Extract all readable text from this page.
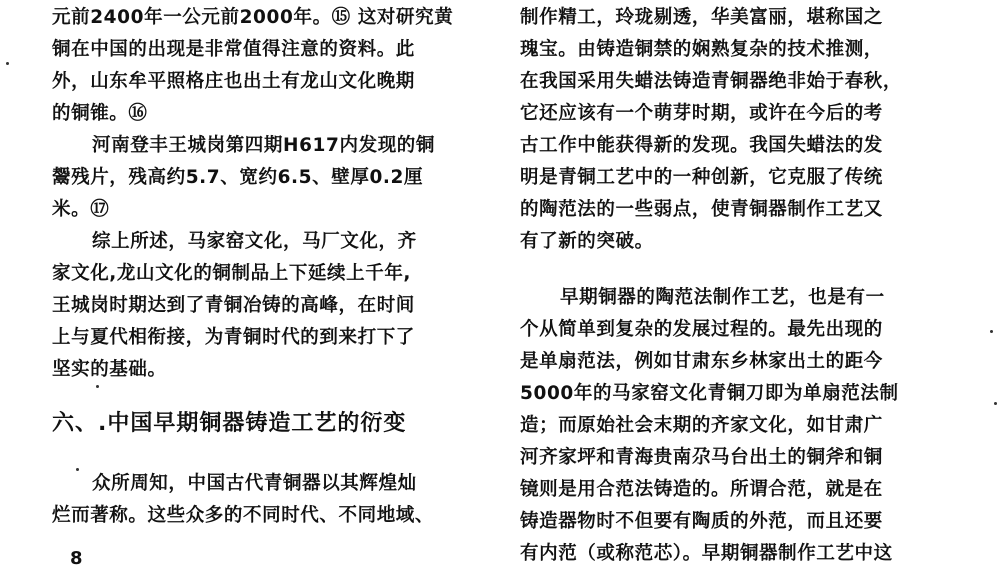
元前2400年一公元前2000年。⑮ 这对研究黄
铜在中国的出现是非常值得注意的资料。此
外，山东牟平照格庄也出土有龙山文化晚期
的铜锥。⑯
河南登丰王城岗第四期H617内发现的铜
鬶残片，残高约5.7、宽约6.5、壁厚0.2厘
米。⑰
综上所述，马家窑文化，马厂文化，齐
家文化,龙山文化的铜制品上下延续上千年,
王城岗时期达到了青铜冶铸的高峰，在时间
上与夏代相衔接，为青铜时代的到来打下了
坚实的基础。
六、.中国早期铜器铸造工艺的衍变
众所周知，中国古代青铜器以其辉煌灿
烂而著称。这些众多的不同时代、不同地域、
制作精工，玲珑剔透，华美富丽，堪称国之
瑰宝。由铸造铜禁的娴熟复杂的技术推测，
在我国采用失蜡法铸造青铜器绝非始于春秋，
它还应该有一个萌芽时期，或许在今后的考
古工作中能获得新的发现。我国失蜡法的发
明是青铜工艺中的一种创新，它克服了传统
的陶范法的一些弱点，使青铜器制作工艺又
有了新的突破。
早期铜器的陶范法制作工艺，也是有一
个从简单到复杂的发展过程的。最先出现的
是单扇范法，例如甘肃东乡林家出土的距今
5000年的马家窑文化青铜刀即为单扇范法制
造；而原始社会末期的齐家文化，如甘肃广
河齐家坪和青海贵南尕马台出土的铜斧和铜
镜则是用合范法铸造的。所谓合范，就是在
铸造器物时不但要有陶质的外范，而且还要
有内范（或称范芯）。早期铜器制作工艺中这
8
